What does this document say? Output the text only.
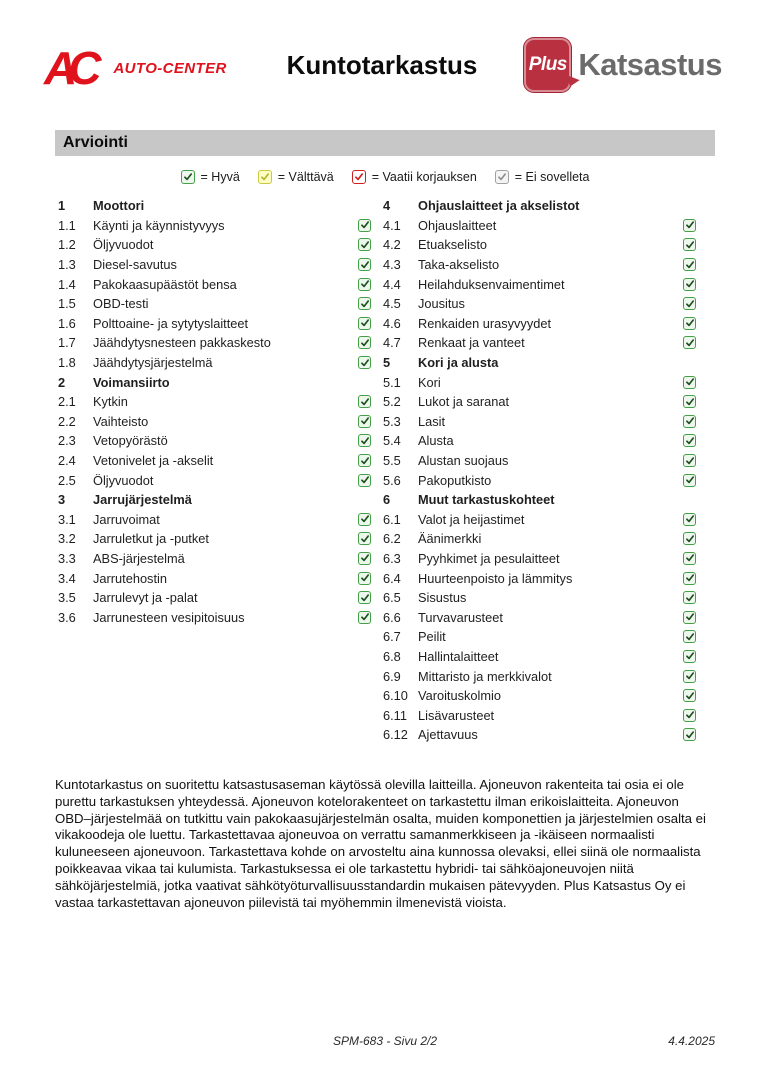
AC	AUTO-CENTER	Kuntotarkastus	Plus Katsastus
Arviointi
= Hyvä	= Välttävä	= Vaatii korjauksen	= Ei sovelleta
1	Moottori
1.1	Käynti ja käynnistyvyys
1.2	Öljyvuodot
1.3	Diesel-savutus
1.4	Pakokaasupäästöt bensa
1.5	OBD-testi
1.6	Polttoaine- ja sytytyslaitteet
1.7	Jäähdytysnesteen pakkaskesto
1.8	Jäähdytysjärjestelmä
2	Voimansiirto
2.1	Kytkin
2.2	Vaihteisto
2.3	Vetopyörästö
2.4	Vetonivelet ja -akselit
2.5	Öljyvuodot
3	Jarrujärjestelmä
3.1	Jarruvoimat
3.2	Jarruletkut ja -putket
3.3	ABS-järjestelmä
3.4	Jarrutehostin
3.5	Jarrulevyt ja -palat
3.6	Jarrunesteen vesipitoisuus
4	Ohjauslaitteet ja akselistot
4.1	Ohjauslaitteet
4.2	Etuakselisto
4.3	Taka-akselisto
4.4	Heilahduksenvaimentimet
4.5	Jousitus
4.6	Renkaiden urasyvyydet
4.7	Renkaat ja vanteet
5	Kori ja alusta
5.1	Kori
5.2	Lukot ja saranat
5.3	Lasit
5.4	Alusta
5.5	Alustan suojaus
5.6	Pakoputkisto
6	Muut tarkastuskohteet
6.1	Valot ja heijastimet
6.2	Äänimerkki
6.3	Pyyhkimet ja pesulaitteet
6.4	Huurteenpoisto ja lämmitys
6.5	Sisustus
6.6	Turvavarusteet
6.7	Peilit
6.8	Hallintalaitteet
6.9	Mittaristo ja merkkivalot
6.10 Varoituskolmio
6.11 Lisävarusteet
6.12 Ajettavuus
Kuntotarkastus on suoritettu katsastusaseman käytössä olevilla laitteilla. Ajoneuvon rakenteita tai osia ei ole purettu tarkastuksen yhteydessä. Ajoneuvon kotelorakenteet on tarkastettu ilman erikoislaitteita. Ajoneuvon OBD–järjestelmää on tutkittu vain pakokaasujärjestelmän osalta, muiden komponettien ja järjestelmien osalta ei vikakoodeja ole luettu. Tarkastettavaa ajoneuvoa on verrattu samanmerkkiseen ja -ikäiseen normaalisti kuluneeseen ajoneuvoon. Tarkastettava kohde on arvosteltu aina kunnossa olevaksi, ellei siinä ole normaalista poikkeavaa vikaa tai kulumista. Tarkastuksessa ei ole tarkastettu hybridi- tai sähköajoneuvojen niitä sähköjärjestelmiä, jotka vaativat sähkötyöturvallisuusstandardin mukaisen pätevyyden. Plus Katsastus Oy ei vastaa tarkastettavan ajoneuvon piilevistä tai myöhemmin ilmenevistä vioista.
SPM-683 - Sivu 2/2	4.4.2025
